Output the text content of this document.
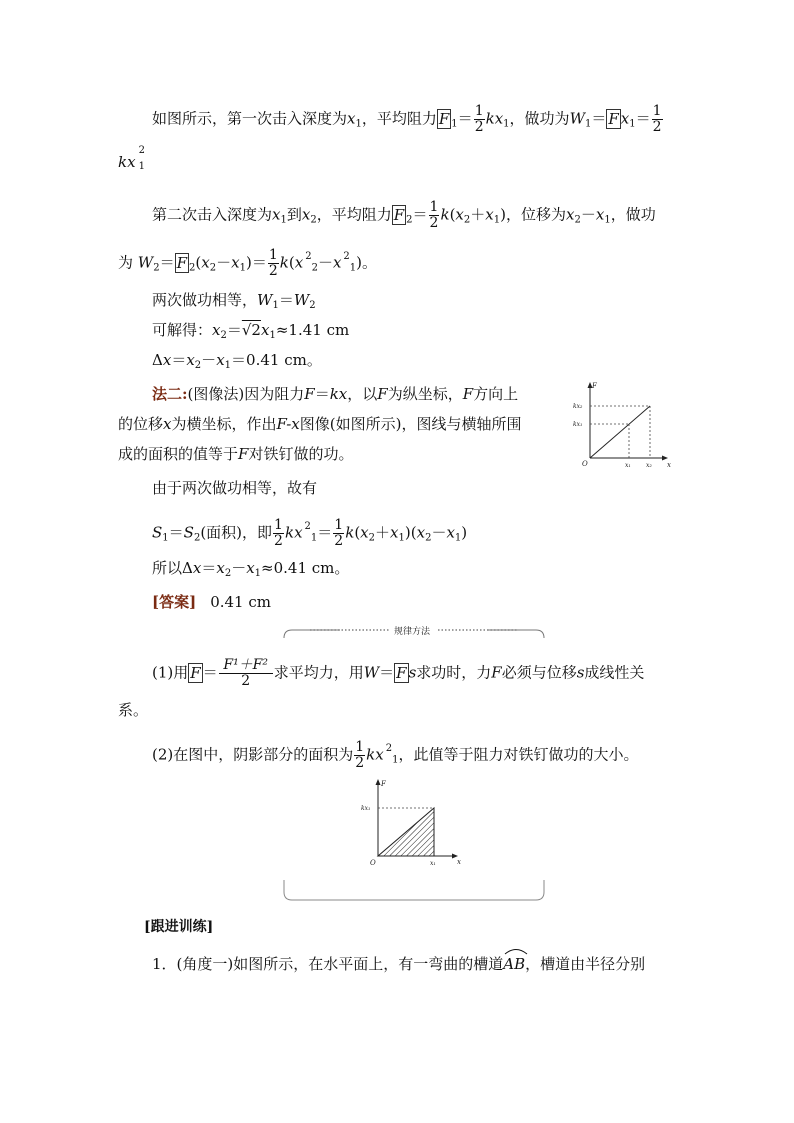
如图所示，第一次击入深度为$x_1$，平均阻力 F $_1= \frac{1}{2} kx_1$，做功为$W_1= F$ $x_1= \frac{1}{2}$
kx
2
1
第二次击入深度为$x_1$到$x_2$，平均阻力 F $_2= \frac{1}{2} k(x_2+x_1)$，位移为$x_2-x_1$，做功
为 $W_2= F$ $_2(x_2-x_1)= \frac{1}{2} k(x$ $^2_2$－x $^2_1$)。
两次做功相等，$W_1=W_2$
可解得：$x_2=√2x_1\approx 1.41$ cm
$\Delta x=x_2-x_1=0.41$ cm。
法二:(图像法)因为阻力F＝kx，以F为纵坐标，F方向上
的位移x为横坐标，作出F-x图像(如图所示)，图线与横轴所围
成的面积的值等于F对铁钉做的功。
F
kx₂
kx₁
O	x₁	x₂ x
由于两次做功相等，故有
$S_1=S_2$(面积)，即 $\frac{1}{2}$ kx $^2_1= \frac{1}{2} k(x_2+x_1)(x_2-x_1)$
所以$\Delta x=x_2-x_1\approx 0.41$ cm。
[答案] 0.41 cm
规律方法
(1)用 $F = \frac{\text{F¹＋F²}}{2}$ 求平均力，用W＝ F s求功时，力F必须与位移s成线性关
系。
(2)在图中，阴影部分的面积为 $\frac{1}{2}$ kx $^2_1$，此值等于阻力对铁钉做功的大小。
F
kx₁
O	x₁	x
[跟进训练]
1．(角度一)如图所示，在水平面上，有一弯曲的槽道
AB，槽道由半径分别
